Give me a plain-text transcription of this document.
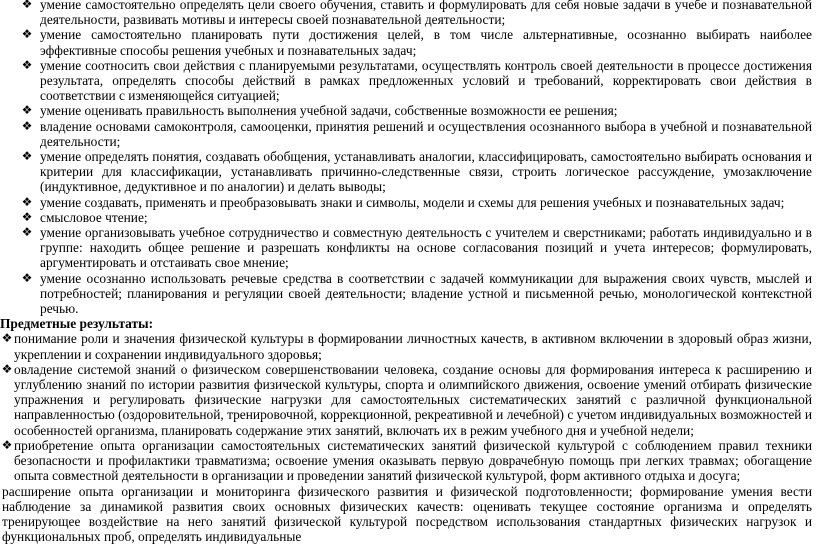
❖ умение самостоятельно определять цели своего обучения, ставить и формулировать для себя новые задачи в учебе и познавательной деятельности, развивать мотивы и интересы своей познавательной деятельности;

❖ умение самостоятельно планировать пути достижения целей, в том числе альтернативные, осознанно выбирать наиболее эффективные способы решения учебных и познавательных задач;

❖ умение соотносить свои действия с планируемыми результатами, осуществлять контроль своей деятельности в процессе достижения результата, определять способы действий в рамках предложенных условий и требований, корректировать свои действия в соответствии с изменяющейся ситуацией;

❖ умение оценивать правильность выполнения учебной задачи, собственные возможности ее решения;

❖ владение основами самоконтроля, самооценки, принятия решений и осуществления осознанного выбора в учебной и познавательной деятельности;

❖ умение определять понятия, создавать обобщения, устанавливать аналогии, классифицировать, самостоятельно выбирать основания и критерии для классификации, устанавливать причинно-следственные связи, строить логическое рассуждение, умозаключение (индуктивное, дедуктивное и по аналогии) и делать выводы;

❖ умение создавать, применять и преобразовывать знаки и символы, модели и схемы для решения учебных и познавательных задач;

❖ смысловое чтение;

❖ умение организовывать учебное сотрудничество и совместную деятельность с учителем и сверстниками; работать индивидуально и в группе: находить общее решение и разрешать конфликты на основе согласования позиций и учета интересов; формулировать, аргументировать и отстаивать свое мнение;

❖ умение осознанно использовать речевые средства в соответствии с задачей коммуникации для выражения своих чувств, мыслей и потребностей; планирования и регуляции своей деятельности; владение устной и письменной речью, монологической контекстной речью.

Предметные результаты:

❖ понимание роли и значения физической культуры в формировании личностных качеств, в активном включении в здоровый образ жизни, укреплении и сохранении индивидуального здоровья;

❖ овладение системой знаний о физическом совершенствовании человека, создание основы для формирования интереса к расширению и углублению знаний по истории развития физической культуры, спорта и олимпийского движения, освоение умений отбирать физические упражнения и регулировать физические нагрузки для самостоятельных систематических занятий с различной функциональной направленностью (оздоровительной, тренировочной, коррекционной, рекреативной и лечебной) с учетом индивидуальных возможностей и особенностей организма, планировать содержание этих занятий, включать их в режим учебного дня и учебной недели;

❖ приобретение опыта организации самостоятельных систематических занятий физической культурой с соблюдением правил техники безопасности и профилактики травматизма; освоение умения оказывать первую доврачебную помощь при легких травмах; обогащение опыта совместной деятельности в организации и проведении занятий физической культурой, форм активного отдыха и досуга;

расширение опыта организации и мониторинга физического развития и физической подготовленности; формирование умения вести наблюдение за динамикой развития своих основных физических качеств: оценивать текущее состояние организма и определять тренирующее воздействие на него занятий физической культурой посредством использования стандартных физических нагрузок и функциональных проб, определять индивидуальные
